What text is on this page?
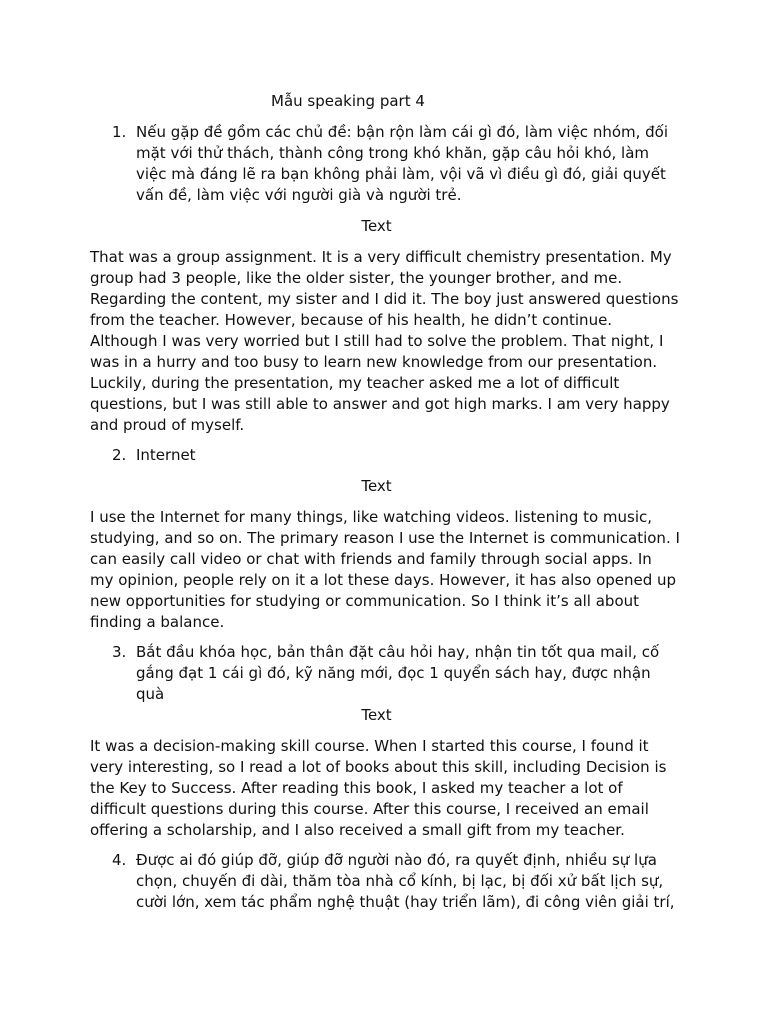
Mẫu speaking part 4
1. Nếu gặp đề gồm các chủ đề: bận rộn làm cái gì đó, làm việc nhóm, đối mặt với thử thách, thành công trong khó khăn, gặp câu hỏi khó, làm việc mà đáng lẽ ra bạn không phải làm, vội vã vì điều gì đó, giải quyết vấn đề, làm việc với người già và người trẻ.
Text
That was a group assignment. It is a very difficult chemistry presentation. My group had 3 people, like the older sister, the younger brother, and me. Regarding the content, my sister and I did it. The boy just answered questions from the teacher. However, because of his health, he didn’t continue. Although I was very worried but I still had to solve the problem. That night, I was in a hurry and too busy to learn new knowledge from our presentation. Luckily, during the presentation, my teacher asked me a lot of difficult questions, but I was still able to answer and got high marks. I am very happy and proud of myself.
2. Internet
Text
I use the Internet for many things, like watching videos. listening to music, studying, and so on. The primary reason I use the Internet is communication. I can easily call video or chat with friends and family through social apps. In my opinion, people rely on it a lot these days. However, it has also opened up new opportunities for studying or communication. So I think it’s all about finding a balance.
3. Bắt đầu khóa học, bản thân đặt câu hỏi hay, nhận tin tốt qua mail, cố gắng đạt 1 cái gì đó, kỹ năng mới, đọc 1 quyển sách hay, được nhận quà
Text
It was a decision-making skill course. When I started this course, I found it very interesting, so I read a lot of books about this skill, including Decision is the Key to Success. After reading this book, I asked my teacher a lot of difficult questions during this course. After this course, I received an email offering a scholarship, and I also received a small gift from my teacher.
4. Được ai đó giúp đỡ, giúp đỡ người nào đó, ra quyết định, nhiều sự lựa chọn, chuyến đi dài, thăm tòa nhà cổ kính, bị lạc, bị đối xử bất lịch sự, cười lớn, xem tác phẩm nghệ thuật (hay triển lãm), đi công viên giải trí,
